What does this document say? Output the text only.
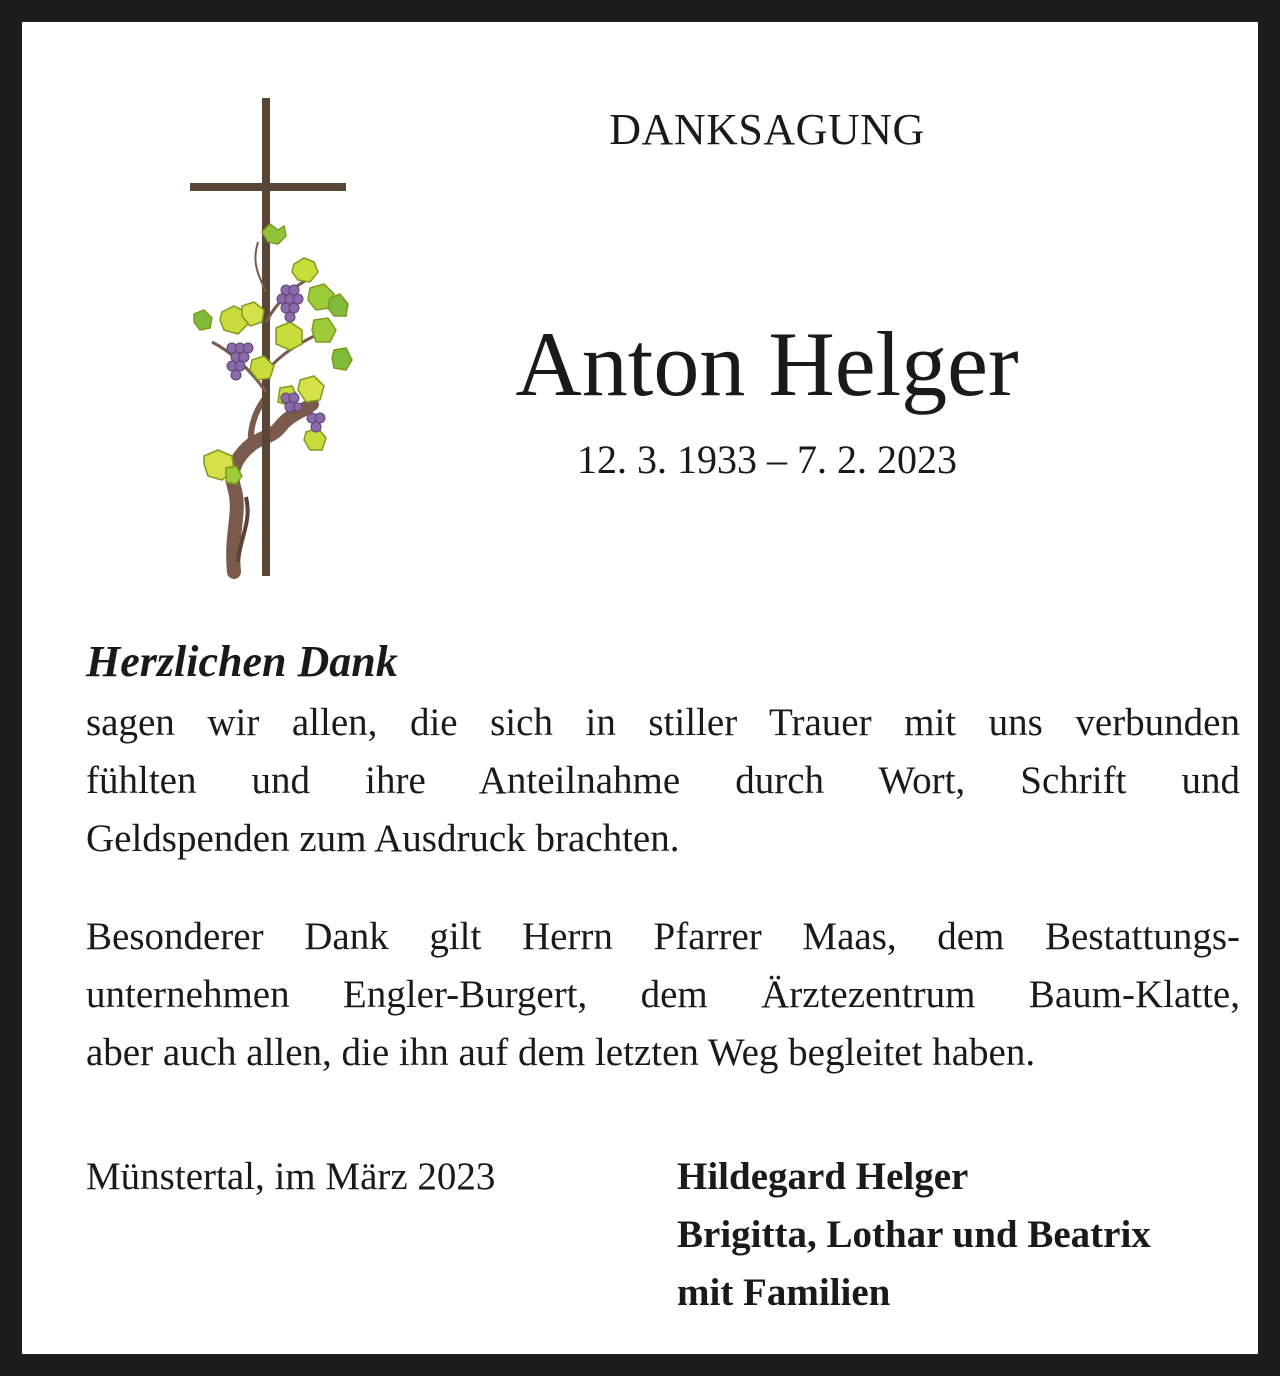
DANKSAGUNG
Anton Helger
12. 3. 1933 – 7. 2. 2023
Herzlichen Dank
sagen wir allen, die sich in stiller Trauer mit uns verbunden
fühlten und ihre Anteilnahme durch Wort, Schrift und
Geldspenden zum Ausdruck brachten.
Besonderer Dank gilt Herrn Pfarrer Maas, dem Bestattungs-
unternehmen Engler-Burgert, dem Ärztezentrum Baum-Klatte,
aber auch allen, die ihn auf dem letzten Weg begleitet haben.
Münstertal, im März 2023	Hildegard Helger
Brigitta, Lothar und Beatrix
mit Familien
